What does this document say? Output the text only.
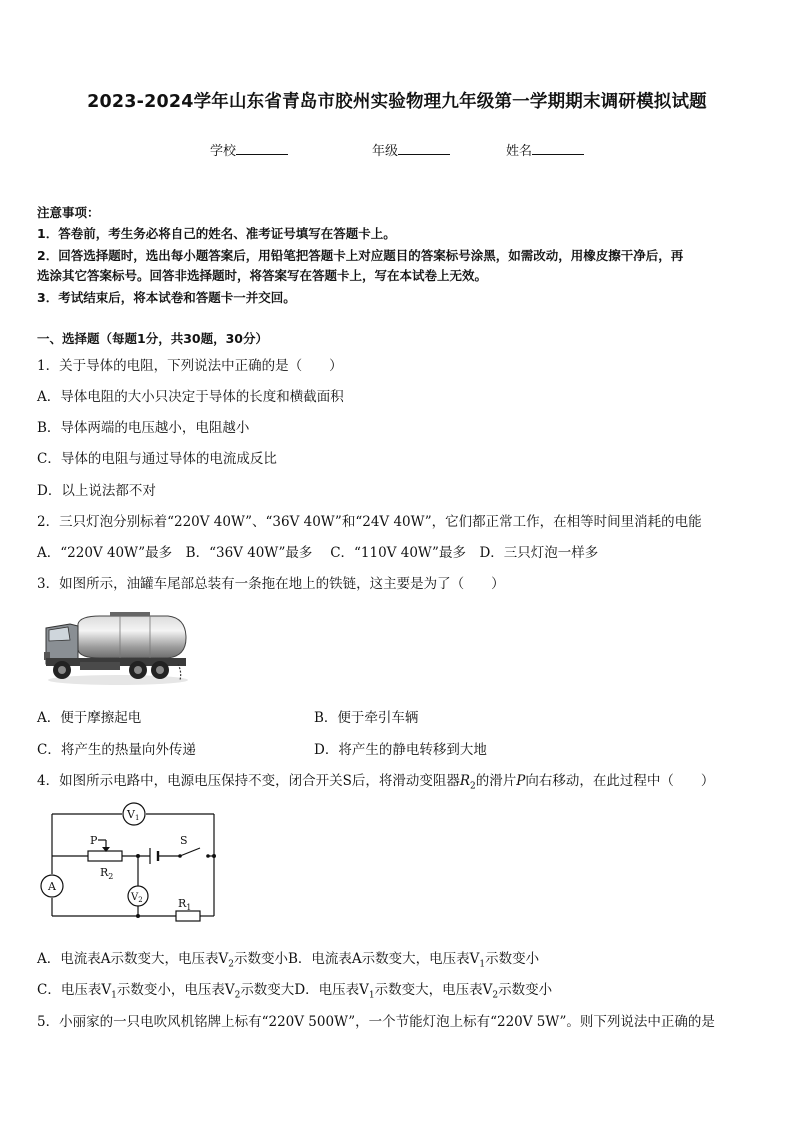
2023-2024学年山东省青岛市胶州实验物理九年级第一学期期末调研模拟试题
学校	年级	姓名
注意事项：
1．答卷前，考生务必将自己的姓名、准考证号填写在答题卡上。
2．回答选择题时，选出每小题答案后，用铅笔把答题卡上对应题目的答案标号涂黑，如需改动，用橡皮擦干净后，再
选涂其它答案标号。回答非选择题时，将答案写在答题卡上，写在本试卷上无效。
3．考试结束后，将本试卷和答题卡一并交回。
一、选择题（每题1分，共30题，30分）
1．关于导体的电阻，下列说法中正确的是（　　）
A．导体电阻的大小只决定于导体的长度和横截面积
B．导体两端的电压越小，电阻越小
C．导体的电阻与通过导体的电流成反比
D．以上说法都不对
2．三只灯泡分别标着“220V 40W”、“36V 40W”和“24V 40W”，它们都正常工作，在相等时间里消耗的电能
A．“220V 40W”最多　B．“36V 40W”最多　 C．“110V 40W”最多　D．三只灯泡一样多
3．如图所示，油罐车尾部总装有一条拖在地上的铁链，这主要是为了（　　）
A．便于摩擦起电	B．便于牵引车辆
C．将产生的热量向外传递	D．将产生的静电转移到大地
4．如图所示电路中，电源电压保持不变，闭合开关S后，将滑动变阻器$R_2$的滑片P向右移动，在此过程中（　　）
P
$R_2$
S
V1
$V_2$
A
$R_1$
A．电流表A示数变大，电压表$V_2$示数变小B．电流表A示数变大，电压表$V_1$示数变小
C．电压表$V_1$示数变小，电压表$V_2$示数变大D．电压表$V_1$示数变大，电压表$V_2$示数变小
5．小丽家的一只电吹风机铭牌上标有“220V 500W”，一个节能灯泡上标有“220V 5W”。则下列说法中正确的是
